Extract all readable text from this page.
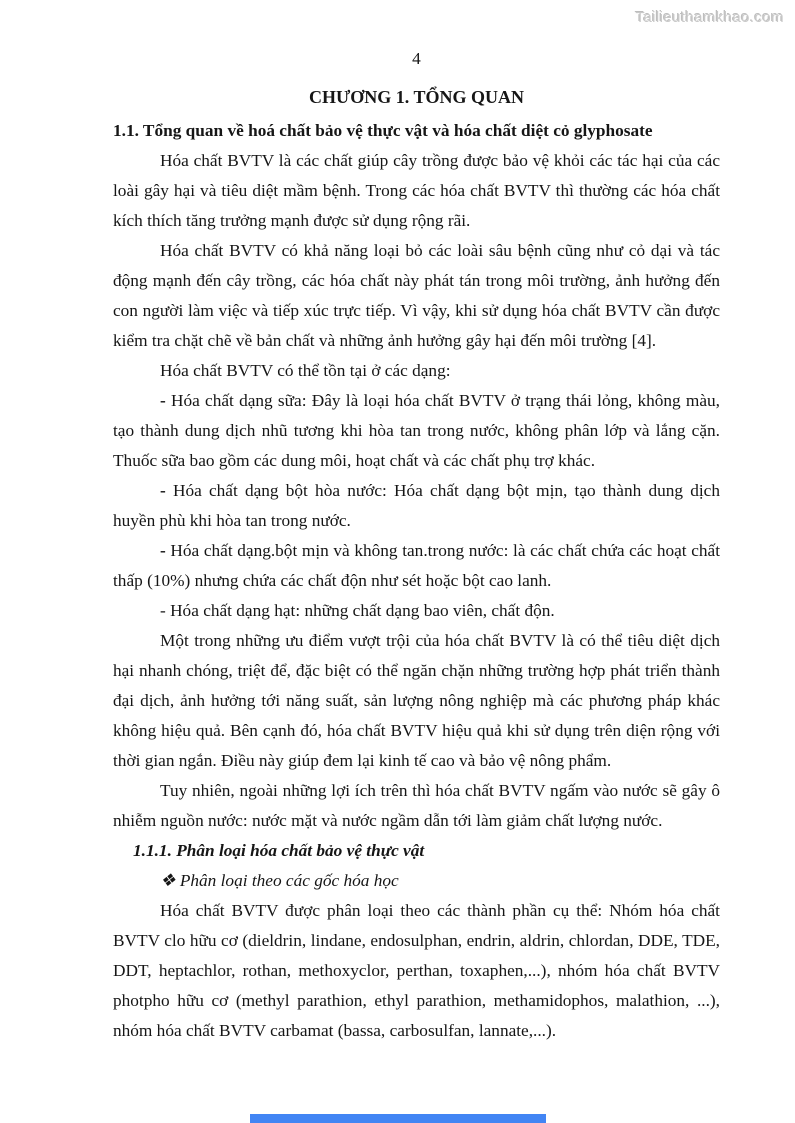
Tailieuthamkhao.com
4
CHƯƠNG 1. TỔNG QUAN
1.1. Tổng quan về hoá chất bảo vệ thực vật và hóa chất diệt cỏ glyphosate

Hóa chất BVTV là các chất giúp cây trồng được bảo vệ khỏi các tác hại của các loài gây hại và tiêu diệt mầm bệnh. Trong các hóa chất BVTV thì thường các hóa chất kích thích tăng trưởng mạnh được sử dụng rộng rãi.

Hóa chất BVTV có khả năng loại bỏ các loài sâu bệnh cũng như cỏ dại và tác động mạnh đến cây trồng, các hóa chất này phát tán trong môi trường, ảnh hưởng đến con người làm việc và tiếp xúc trực tiếp. Vì vậy, khi sử dụng hóa chất BVTV cần được kiểm tra chặt chẽ về bản chất và những ảnh hưởng gây hại đến môi trường [4].

Hóa chất BVTV có thể tồn tại ở các dạng:

- Hóa chất dạng sữa: Đây là loại hóa chất BVTV ở trạng thái lỏng, không màu, tạo thành dung dịch nhũ tương khi hòa tan trong nước, không phân lớp và lắng cặn. Thuốc sữa bao gồm các dung môi, hoạt chất và các chất phụ trợ khác.

- Hóa chất dạng bột hòa nước: Hóa chất dạng bột mịn, tạo thành dung dịch huyền phù khi hòa tan trong nước.

- Hóa chất dạng.bột mịn và không tan.trong nước: là các chất chứa các hoạt chất thấp (10%) nhưng chứa các chất độn như sét hoặc bột cao lanh.

- Hóa chất dạng hạt: những chất dạng bao viên, chất độn.

Một trong những ưu điểm vượt trội của hóa chất BVTV là có thể tiêu diệt dịch hại nhanh chóng, triệt để, đặc biệt có thể ngăn chặn những trường hợp phát triển thành đại dịch, ảnh hưởng tới năng suất, sản lượng nông nghiệp mà các phương pháp khác không hiệu quả. Bên cạnh đó, hóa chất BVTV hiệu quả khi sử dụng trên diện rộng với thời gian ngắn. Điều này giúp đem lại kinh tế cao và bảo vệ nông phẩm.

Tuy nhiên, ngoài những lợi ích trên thì hóa chất BVTV ngấm vào nước sẽ gây ô nhiễm nguồn nước: nước mặt và nước ngầm dẫn tới làm giảm chất lượng nước.

1.1.1. Phân loại hóa chất bảo vệ thực vật

❖ Phân loại theo các gốc hóa học

Hóa chất BVTV được phân loại theo các thành phần cụ thể: Nhóm hóa chất BVTV clo hữu cơ (dieldrin, lindane, endosulphan, endrin, aldrin, chlordan, DDE, TDE, DDT, heptachlor, rothan, methoxyclor, perthan, toxaphen,...), nhóm hóa chất BVTV photpho hữu cơ (methyl parathion, ethyl parathion, methamidophos, malathion, ...), nhóm hóa chất BVTV carbamat (bassa, carbosulfan, lannate,...).
